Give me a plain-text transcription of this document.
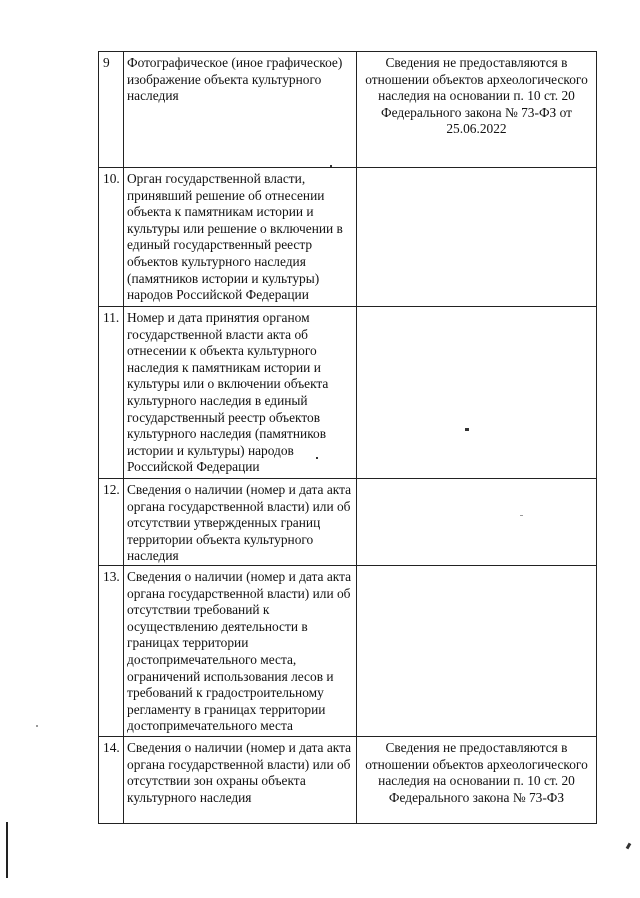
9	Фотографическое (иное графическое) изображение объекта культурного наследия	Сведения не предоставляются в отношении объектов археологического наследия на основании п. 10 ст. 20 Федерального закона № 73-ФЗ от 25.06.2022
10.	Орган государственной власти, принявший решение об отнесении объекта к памятникам истории и культуры или решение о включении в единый государственный реестр объектов культурного наследия (памятников истории и культуры) народов Российской Федерации	
11.	Номер и дата принятия органом государственной власти акта об отнесении к объекта культурного наследия к памятникам истории и культуры или о включении объекта культурного наследия в единый государственный реестр объектов культурного наследия (памятников истории и культуры) народов Российской Федерации	
12.	Сведения о наличии (номер и дата акта органа государственной власти) или об отсутствии утвержденных границ территории объекта культурного наследия	
13.	Сведения о наличии (номер и дата акта органа государственной власти) или об отсутствии требований к осуществлению деятельности в границах территории достопримечательного места, ограничений использования лесов и требований к градостроительному регламенту в границах территории достопримечательного места	
14.	Сведения о наличии (номер и дата акта органа государственной власти) или об отсутствии зон охраны объекта культурного наследия	Сведения не предоставляются в отношении объектов археологического наследия на основании п. 10 ст. 20 Федерального закона № 73-ФЗ
